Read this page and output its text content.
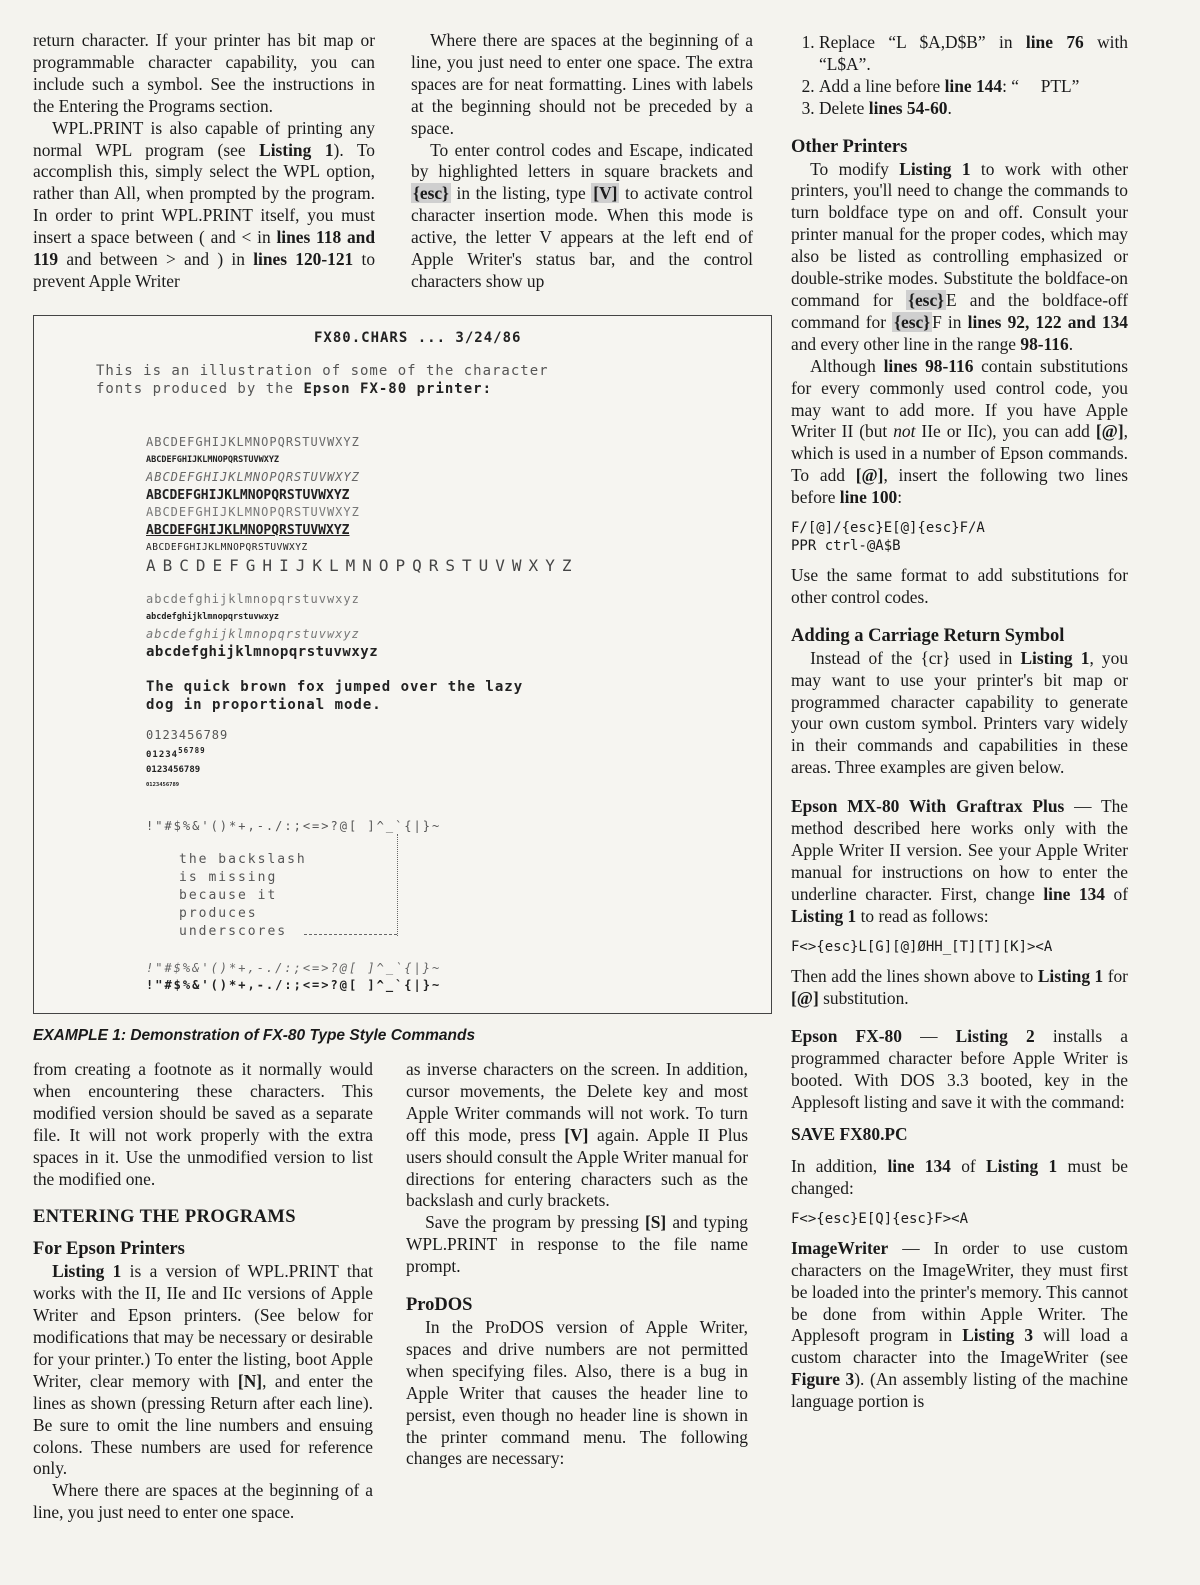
return character. If your printer has bit map or programmable character capability, you can include such a symbol. See the instructions in the Entering the Programs section.

WPL.PRINT is also capable of printing any normal WPL program (see Listing 1). To accomplish this, simply select the WPL option, rather than All, when prompted by the program. In order to print WPL.PRINT itself, you must insert a space between ( and < in lines 118 and 119 and between > and ) in lines 120-121 to prevent Apple Writer

Where there are spaces at the beginning of a line, you just need to enter one space. The extra spaces are for neat formatting. Lines with labels at the beginning should not be preceded by a space.

To enter control codes and Escape, indicated by highlighted letters in square brackets and {esc} in the listing, type [V] to activate control character insertion mode. When this mode is active, the letter V appears at the left end of Apple Writer's status bar, and the control characters show up

FX80.CHARS ... 3/24/86
This is an illustration of some of the character
fonts produced by the Epson FX-80 printer:
ABCDEFGHIJKLMNOPQRSTUVWXYZ
ABCDEFGHIJKLMNOPQRSTUVWXYZ
ABCDEFGHIJKLMNOPQRSTUVWXYZ
ABCDEFGHIJKLMNOPQRSTUVWXYZ
ABCDEFGHIJKLMNOPQRSTUVWXYZ
ABCDEFGHIJKLMNOPQRSTUVWXYZ
ABCDEFGHIJKLMNOPQRSTUVWXYZ
ABCDEFGHIJKLMNOPQRSTUVWXYZ
abcdefghijklmnopqrstuvwxyz
abcdefghijklmnopqrstuvwxyz
abcdefghijklmnopqrstuvwxyz
abcdefghijklmnopqrstuvwxyz
The quick brown fox jumped over the lazy
dog in proportional mode.
0123456789
$01234^{56789}$
0123456789
0123456789
!"#$%&'()*+,-./:;<=>?@[ ]^_`{|}~
the backslash
is missing
because it
produces
underscores
!"#$%&'()*+,-./:;<=>?@[ ]^_`{|}~
!"#$%&'()*+,-./:;<=>?@[ ]^_`{|}~
EXAMPLE 1: Demonstration of FX-80 Type Style Commands

from creating a footnote as it normally would when encountering these characters. This modified version should be saved as a separate file. It will not work properly with the extra spaces in it. Use the unmodified version to list the modified one.

ENTERING THE PROGRAMS
For Epson Printers

Listing 1 is a version of WPL.PRINT that works with the II, IIe and IIc versions of Apple Writer and Epson printers. (See below for modifications that may be necessary or desirable for your printer.) To enter the listing, boot Apple Writer, clear memory with [N], and enter the lines as shown (pressing Return after each line). Be sure to omit the line numbers and ensuing colons. These numbers are used for reference only.

Where there are spaces at the beginning of a line, you just need to enter one space.

as inverse characters on the screen. In addition, cursor movements, the Delete key and most Apple Writer commands will not work. To turn off this mode, press [V] again. Apple II Plus users should consult the Apple Writer manual for directions for entering characters such as the backslash and curly brackets.

Save the program by pressing [S] and typing WPL.PRINT in response to the file name prompt.

ProDOS

In the ProDOS version of Apple Writer, spaces and drive numbers are not permitted when specifying files. Also, there is a bug in Apple Writer that causes the header line to persist, even though no header line is shown in the printer command menu. The following changes are necessary:

1. Replace “L $A,D$B” in line 76 with “L$A”.
2. Add a line before line 144: “     PTL”
3. Delete lines 54-60.
Other Printers

To modify Listing 1 to work with other printers, you'll need to change the commands to turn boldface type on and off. Consult your printer manual for the proper codes, which may also be listed as controlling emphasized or double-strike modes. Substitute the boldface-on command for {esc} E and the boldface-off command for {esc} F in lines 92, 122 and 134 and every other line in the range 98-116.

Although lines 98-116 contain substitutions for every commonly used control code, you may want to add more. If you have Apple Writer II (but not IIe or IIc), you can add [@], which is used in a number of Epson commands. To add [@], insert the following two lines before line 100:

F/[@]/{esc}E[@]{esc}F/A
PPR ctrl-@A$B

Use the same format to add substitutions for other control codes.

Adding a Carriage Return Symbol

Instead of the {cr} used in Listing 1, you may want to use your printer's bit map or programmed character capability to generate your own custom symbol. Printers vary widely in their commands and capabilities in these areas. Three examples are given below.

Epson MX-80 With Graftrax Plus — The method described here works only with the Apple Writer II version. See your Apple Writer manual for instructions on how to enter the underline character. First, change line 134 of Listing 1 to read as follows:

F<>{esc}L[G][@]ØHH_[T][T][K]><A

Then add the lines shown above to Listing 1 for [@] substitution.

Epson FX-80 — Listing 2 installs a programmed character before Apple Writer is booted. With DOS 3.3 booted, key in the Applesoft listing and save it with the command:

SAVE FX80.PC

In addition, line 134 of Listing 1 must be changed:

F<>{esc}E[Q]{esc}F><A

ImageWriter — In order to use custom characters on the ImageWriter, they must first be loaded into the printer's memory. This cannot be done from within Apple Writer. The Applesoft program in Listing 3 will load a custom character into the ImageWriter (see Figure 3). (An assembly listing of the machine language portion is
